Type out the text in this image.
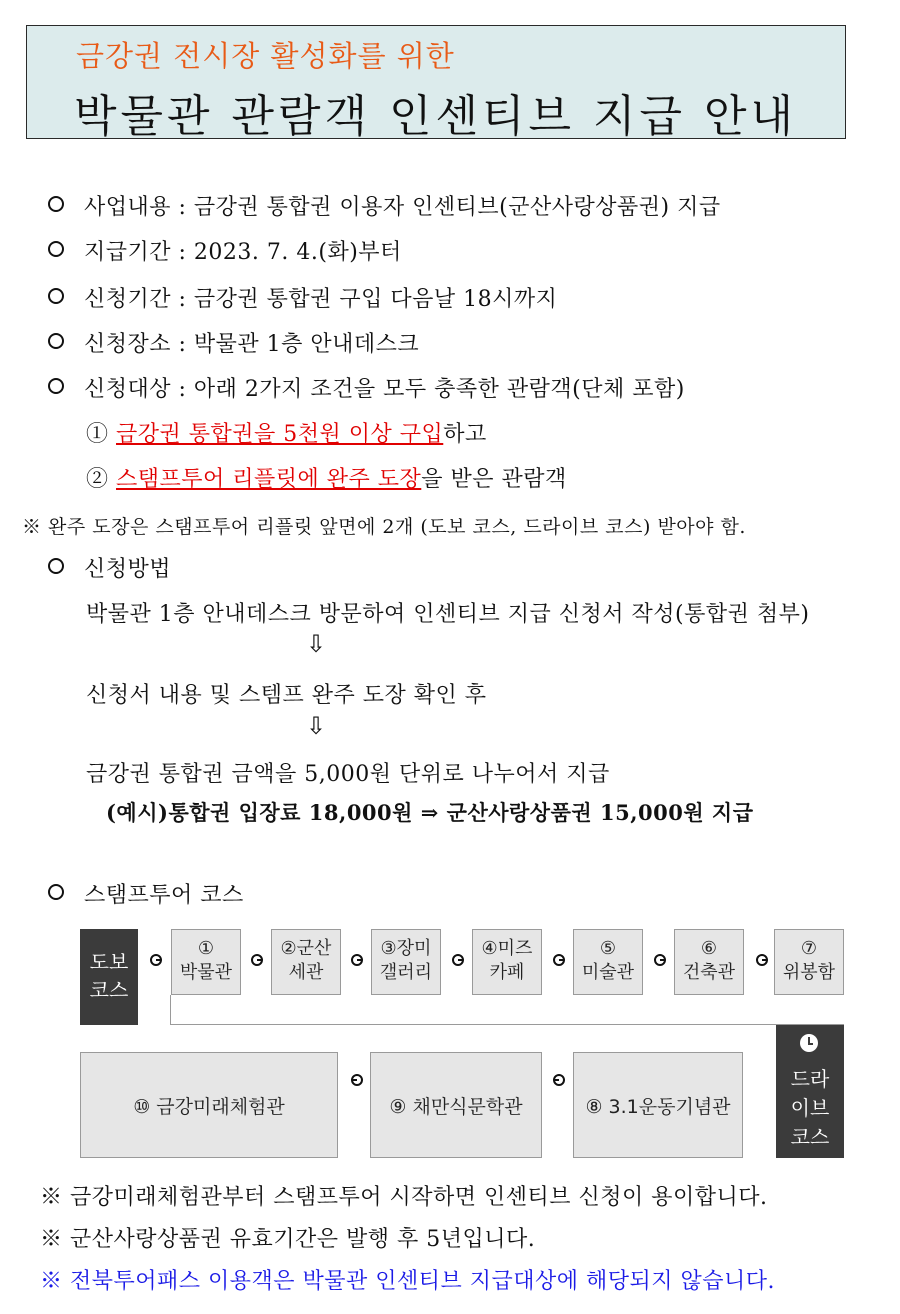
금강권 전시장 활성화를 위한
박물관 관람객 인센티브 지급 안내
사업내용 : 금강권 통합권 이용자 인센티브(군산사랑상품권) 지급
지급기간 : 2023. 7. 4.(화)부터
신청기간 : 금강권 통합권 구입 다음날 18시까지
신청장소 : 박물관 1층 안내데스크
신청대상 : 아래 2가지 조건을 모두 충족한 관람객(단체 포함)
① 금강권 통합권을 5천원 이상 구입하고
② 스탬프투어 리플릿에 완주 도장을 받은 관람객
※ 완주 도장은 스탬프투어 리플릿 앞면에 2개 (도보 코스, 드라이브 코스) 받아야 함.
신청방법
박물관 1층 안내데스크 방문하여 인센티브 지급 신청서 작성(통합권 첨부)
⇩
신청서 내용 및 스템프 완주 도장 확인 후
⇩
금강권 통합권 금액을 5,000원 단위로 나누어서 지급
(예시)통합권 입장료 18,000원 ⇒ 군산사랑상품권 15,000원 지급
스탬프투어 코스
도보
코스
①
박물관
②군산
세관
③장미
갤러리
④미즈
카페
⑤
미술관
⑥
건축관
⑦
위봉함
드라
이브
코스
⑩ 금강미래체험관	⑨ 채만식문학관	⑧ 3.1운동기념관
※ 금강미래체험관부터 스탬프투어 시작하면 인센티브 신청이 용이합니다.
※ 군산사랑상품권 유효기간은 발행 후 5년입니다.
※ 전북투어패스 이용객은 박물관 인센티브 지급대상에 해당되지 않습니다.
